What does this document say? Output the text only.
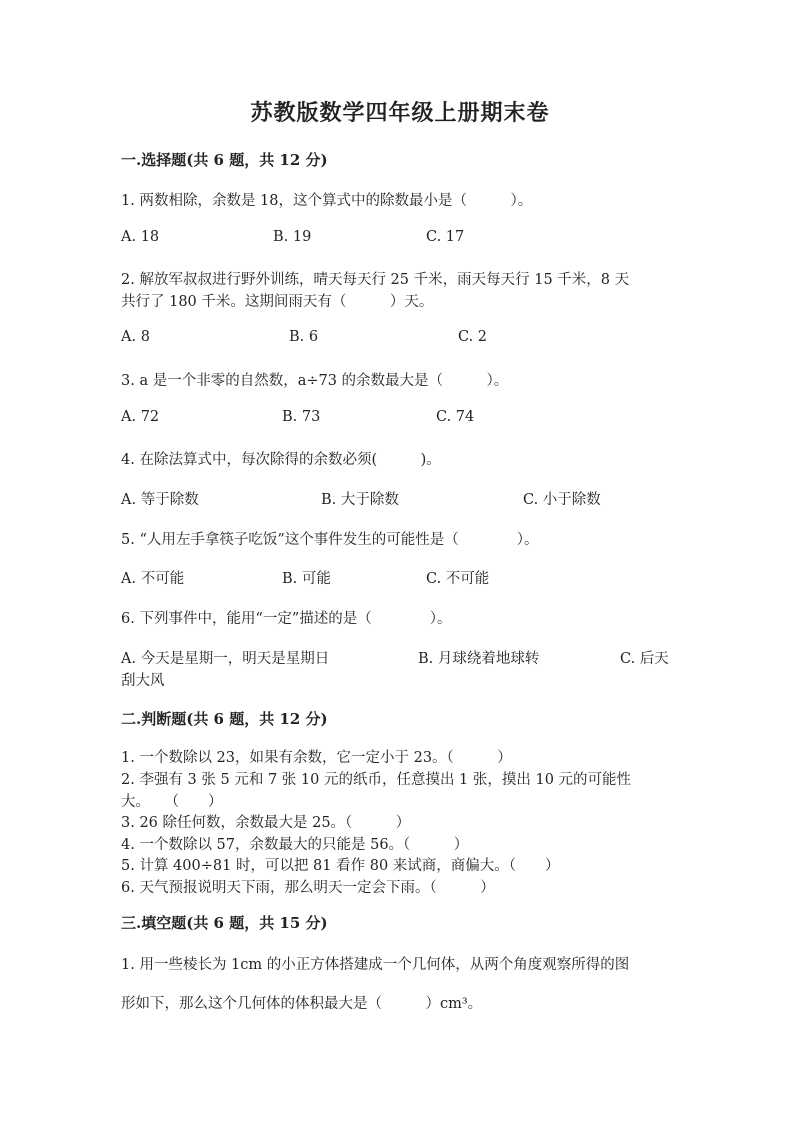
苏教版数学四年级上册期末卷
一.选择题(共 6 题，共 12 分)
1. 两数相除，余数是 18，这个算式中的除数最小是（　　　）。
A. 18	B. 19	C. 17
2. 解放军叔叔进行野外训练，晴天每天行 25 千米，雨天每天行 15 千米，8 天
共行了 180 千米。这期间雨天有（　　　）天。
A. 8	B. 6	C. 2
3. a 是一个非零的自然数，a÷73 的余数最大是（　　　）。
A. 72	B. 73	C. 74
4. 在除法算式中，每次除得的余数必须(　　　)。
A. 等于除数	B. 大于除数	C. 小于除数
5. “人用左手拿筷子吃饭”这个事件发生的可能性是（　　　　）。
A. 不可能	B. 可能	C. 不可能
6. 下列事件中，能用“一定”描述的是（　　　　）。
A. 今天是星期一，明天是星期日	B. 月球绕着地球转	C. 后天
刮大风
二.判断题(共 6 题，共 12 分)
1. 一个数除以 23，如果有余数，它一定小于 23。（　　　）
2. 李强有 3 张 5 元和 7 张 10 元的纸币，任意摸出 1 张，摸出 10 元的可能性
大。　　（　　）
3. 26 除任何数，余数最大是 25。（　　　）
4. 一个数除以 57，余数最大的只能是 56。（　　　）
5. 计算 400÷81 时，可以把 81 看作 80 来试商，商偏大。（　　）
6. 天气预报说明天下雨，那么明天一定会下雨。（　　　）
三.填空题(共 6 题，共 15 分)
1. 用一些棱长为 1cm 的小正方体搭建成一个几何体，从两个角度观察所得的图
形如下，那么这个几何体的体积最大是（　　　）cm³。
